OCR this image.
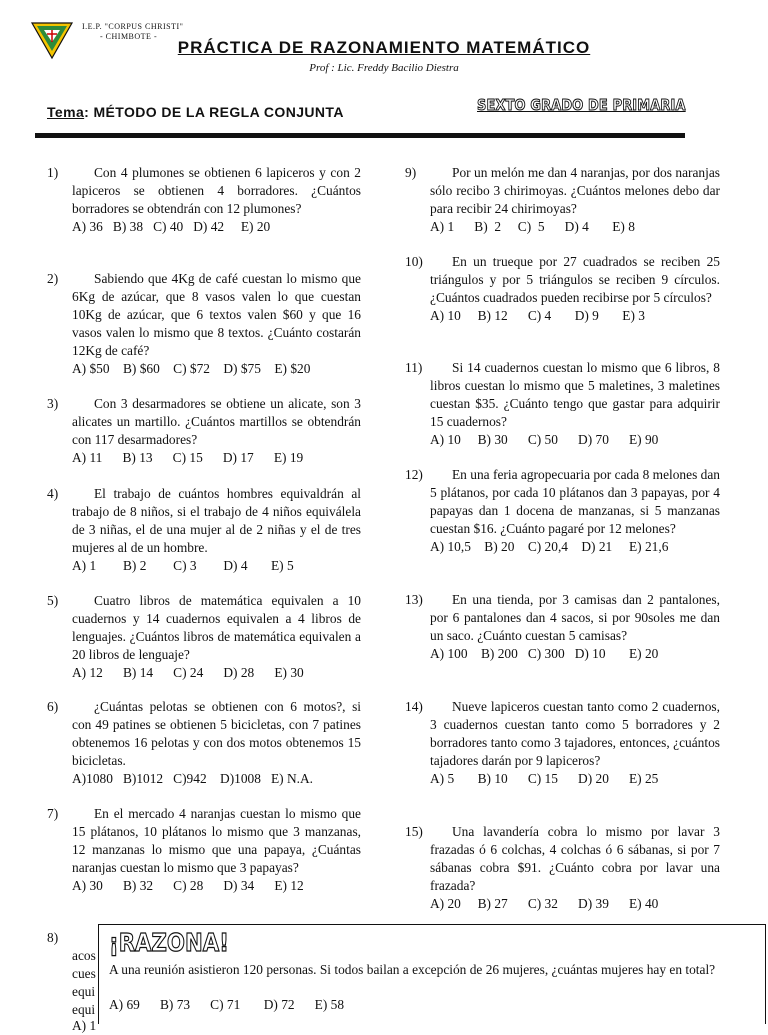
I.E.P. "CORPUS CHRISTI"
- CHIMBOTE -
PRÁCTICA DE RAZONAMIENTO MATEMÁTICO
Prof : Lic. Freddy Bacilio Diestra
Tema: MÉTODO DE LA REGLA CONJUNTA	SEXTO GRADO DE PRIMARIA
1)	Con 4 plumones se obtienen 6 lapiceros y con 2 lapiceros se obtienen 4 borradores. ¿Cuántos borradores se obtendrán con 12 plumones?
A) 36   B) 38   C) 40   D) 42     E) 20
2)	Sabiendo que 4Kg de café cuestan lo mismo que 6Kg de azúcar, que 8 vasos valen lo que cuestan 10Kg de azúcar, que 6 textos valen $60 y que 16 vasos valen lo mismo que 8 textos. ¿Cuánto costarán 12Kg de café?
A) $50    B) $60    C) $72    D) $75    E) $20
3)	Con 3 desarmadores se obtiene un alicate, son 3 alicates un martillo. ¿Cuántos martillos se obtendrán con 117 desarmadores?
A) 11      B) 13      C) 15      D) 17      E) 19
4)	El trabajo de cuántos hombres equivaldrán al trabajo de 8 niños, si el trabajo de 4 niños equiválela de 3 niñas, el de una mujer al de 2 niñas y el de tres mujeres al de un hombre.
A) 1        B) 2        C) 3        D) 4       E) 5
5)	Cuatro libros de matemática equivalen a 10 cuadernos y 14 cuadernos equivalen a 4 libros de lenguajes. ¿Cuántos libros de matemática equivalen a 20 libros de lenguaje?
A) 12      B) 14      C) 24      D) 28      E) 30
6)	¿Cuántas pelotas se obtienen con 6 motos?, si con 49 patines se obtienen 5 bicicletas, con 7 patines obtenemos 16 pelotas y con dos motos obtenemos 15 bicicletas.
A)1080   B)1012   C)942    D)1008   E) N.A.
7)	En el mercado 4 naranjas cuestan lo mismo que 15 plátanos, 10 plátanos lo mismo que 3 manzanas, 12 manzanas lo mismo que una papaya, ¿Cuántas naranjas cuestan lo mismo que 3 papayas?
A) 30      B) 32      C) 28      D) 34      E) 12
8)
acos
cues
equi
equi
A) 1
9)	Por un melón me dan 4 naranjas, por dos naranjas sólo recibo 3 chirimoyas. ¿Cuántos melones debo dar para recibir 24 chirimoyas?
A) 1      B)  2     C)  5      D) 4       E) 8
10)	En un trueque por 27 cuadrados se reciben 25 triángulos y por 5 triángulos se reciben 9 círculos. ¿Cuántos cuadrados pueden recibirse por 5 círculos?
A) 10     B) 12      C) 4       D) 9       E) 3
11)	Si 14 cuadernos cuestan lo mismo que 6 libros, 8 libros cuestan lo mismo que 5 maletines, 3 maletines cuestan $35. ¿Cuánto tengo que gastar para adquirir 15 cuadernos?
A) 10     B) 30      C) 50      D) 70      E) 90
12)	En una feria agropecuaria por cada 8 melones dan 5 plátanos, por cada 10 plátanos dan 3 papayas, por 4 papayas dan 1 docena de manzanas, si 5 manzanas cuestan $16. ¿Cuánto pagaré por 12 melones?
A) 10,5    B) 20    C) 20,4    D) 21     E) 21,6
13)	En una tienda, por 3 camisas dan 2 pantalones, por 6 pantalones dan 4 sacos, si por 90soles me dan un saco. ¿Cuánto cuestan 5 camisas?
A) 100    B) 200   C) 300   D) 10       E) 20
14)	Nueve lapiceros cuestan tanto como 2 cuadernos, 3 cuadernos cuestan tanto como 5 borradores y 2 borradores tanto como 3 tajadores, entonces, ¿cuántos tajadores darán por 9 lapiceros?
A) 5       B) 10      C) 15      D) 20      E) 25
15)	Una lavandería cobra lo mismo por lavar 3 frazadas ó 6 colchas, 4 colchas ó 6 sábanas, si por 7 sábanas cobra $91. ¿Cuánto cobra por lavar una frazada?
A) 20     B) 27      C) 32      D) 39      E) 40
¡RAZONA!
A una reunión asistieron 120 personas. Si todos bailan a excepción de 26 mujeres, ¿cuántas mujeres hay en total?
A) 69      B) 73      C) 71       D) 72      E) 58
